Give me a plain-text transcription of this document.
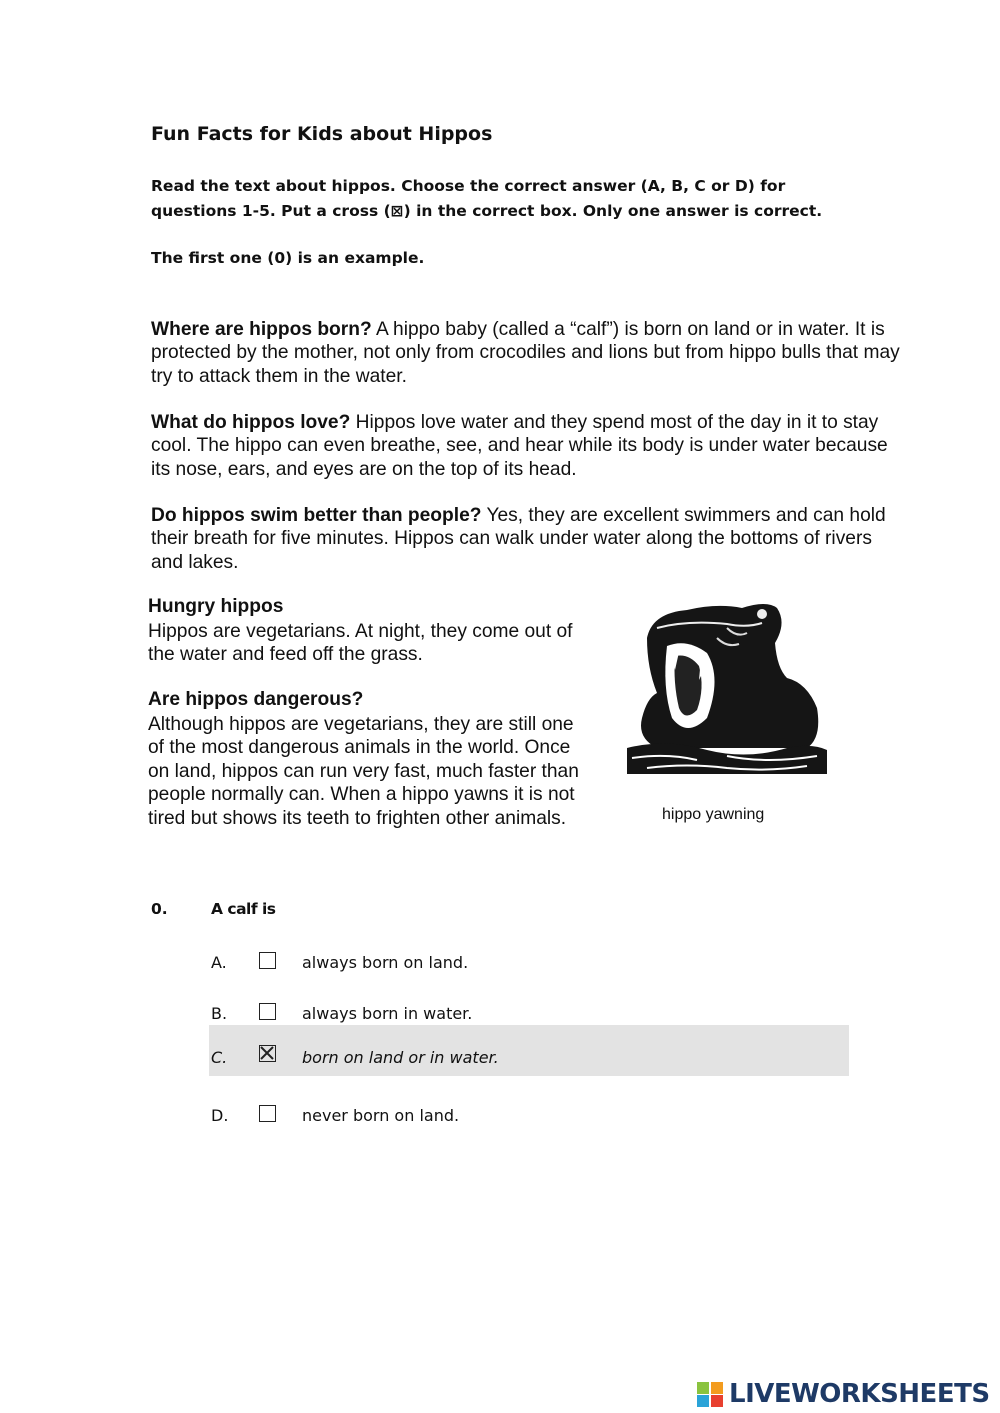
Fun Facts for Kids about Hippos
Read the text about hippos. Choose the correct answer (A, B, C or D) for questions 1-5. Put a cross (⊠) in the correct box. Only one answer is correct.
The first one (0) is an example.
Where are hippos born? A hippo baby (called a “calf”) is born on land or in water. It is protected by the mother, not only from crocodiles and lions but from hippo bulls that may try to attack them in the water.
What do hippos love? Hippos love water and they spend most of the day in it to stay cool. The hippo can even breathe, see, and hear while its body is under water because its nose, ears, and eyes are on the top of its head.
Do hippos swim better than people? Yes, they are excellent swimmers and can hold their breath for five minutes. Hippos can walk under water along the bottoms of rivers and lakes.
Hungry hippos
Hippos are vegetarians. At night, they come out of the water and feed off the grass.
Are hippos dangerous?
Although hippos are vegetarians, they are still one of the most dangerous animals in the world. Once on land, hippos can run very fast, much faster than people normally can. When a hippo yawns it is not tired but shows its teeth to frighten other animals.	hippo yawning
0.	A calf is
A.	always born on land.
B.	always born in water.
C.	born on land or in water.
D.	never born on land.
LIVEWORKSHEETS
